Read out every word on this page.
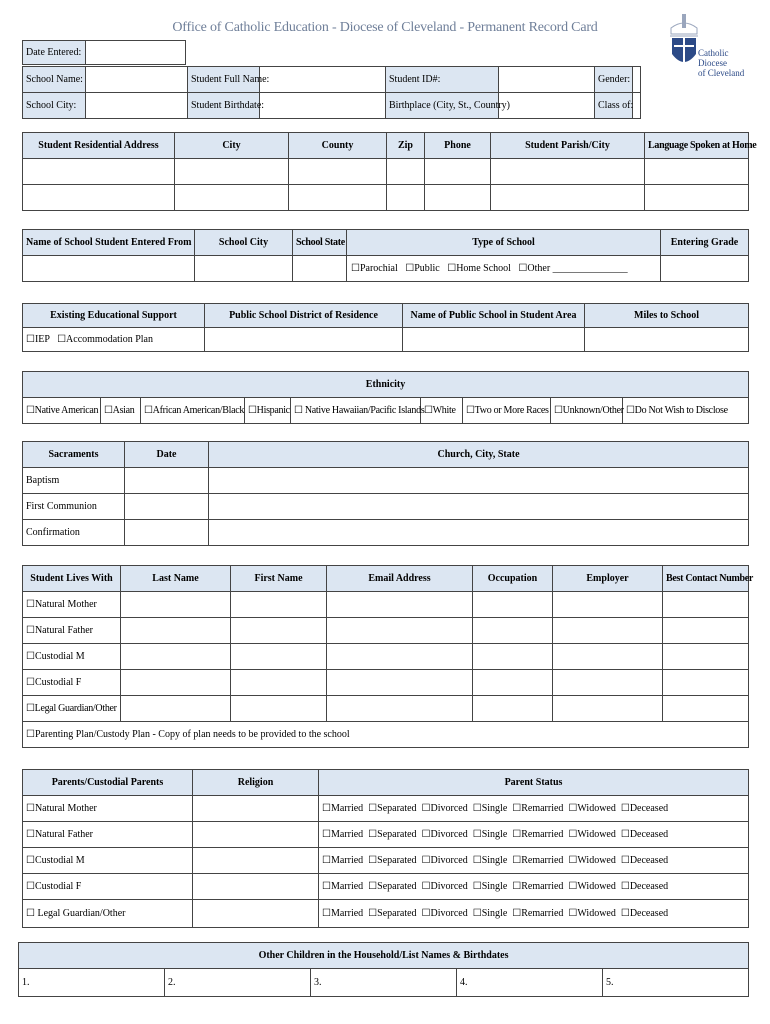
Office of Catholic Education - Diocese of Cleveland - Permanent Record Card
Catholic Diocese
of Cleveland
Date Entered:	
School Name:		Student Full Name:		Student ID#:		Gender:	
School City:		Student Birthdate:		Birthplace (City, St., Country)		Class of:	
Student Residential Address	City	County	Zip	Phone	Student Parish/City	Language Spoken at Home

Name of School Student Entered From	School City	School State	Type of School	Entering Grade
			☐Parochial   ☐Public   ☐Home School   ☐Other _______________	
Existing Educational Support	Public School District of Residence	Name of Public School in Student Area	Miles to School
☐IEP   ☐Accommodation Plan			
Ethnicity
☐Native American	☐Asian	☐African American/Black	☐Hispanic	☐ Native Hawaiian/Pacific Islands	☐White	☐Two or More Races	☐Unknown/Other	☐Do Not Wish to Disclose
Sacraments	Date	Church, City, State
Baptism		
First Communion		
Confirmation		
Student Lives With	Last Name	First Name	Email Address	Occupation	Employer	Best Contact Number
☐Natural Mother						
☐Natural Father						
☐Custodial M						
☐Custodial F						
☐Legal Guardian/Other						
☐Parenting Plan/Custody Plan - Copy of plan needs to be provided to the school						
Parents/Custodial Parents	Religion	Parent Status
☐Natural Mother		☐Married  ☐Separated  ☐Divorced  ☐Single  ☐Remarried  ☐Widowed  ☐Deceased
☐Natural Father		☐Married  ☐Separated  ☐Divorced  ☐Single  ☐Remarried  ☐Widowed  ☐Deceased
☐Custodial M		☐Married  ☐Separated  ☐Divorced  ☐Single  ☐Remarried  ☐Widowed  ☐Deceased
☐Custodial F		☐Married  ☐Separated  ☐Divorced  ☐Single  ☐Remarried  ☐Widowed  ☐Deceased
☐ Legal Guardian/Other		☐Married  ☐Separated  ☐Divorced  ☐Single  ☐Remarried  ☐Widowed  ☐Deceased
Other Children in the Household/List Names & Birthdates
1.	2.	3.	4.	5.
